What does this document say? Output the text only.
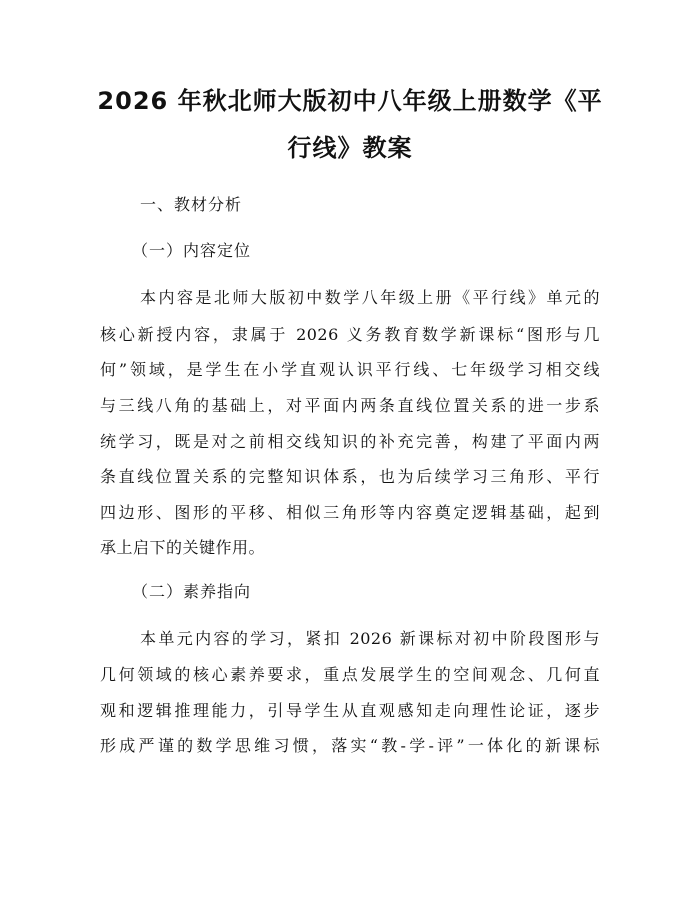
2026 年秋北师大版初中八年级上册数学《平
行线》教案
一、教材分析
（一）内容定位
本内容是北师大版初中数学八年级上册《平行线》单元的
核心新授内容，隶属于 2026 义务教育数学新课标“图形与几
何”领域，是学生在小学直观认识平行线、七年级学习相交线
与三线八角的基础上，对平面内两条直线位置关系的进一步系
统学习，既是对之前相交线知识的补充完善，构建了平面内两
条直线位置关系的完整知识体系，也为后续学习三角形、平行
四边形、图形的平移、相似三角形等内容奠定逻辑基础，起到
承上启下的关键作用。
（二）素养指向
本单元内容的学习，紧扣 2026 新课标对初中阶段图形与
几何领域的核心素养要求，重点发展学生的空间观念、几何直
观和逻辑推理能力，引导学生从直观感知走向理性论证，逐步
形成严谨的数学思维习惯，落实“教-学-评”一体化的新课标
